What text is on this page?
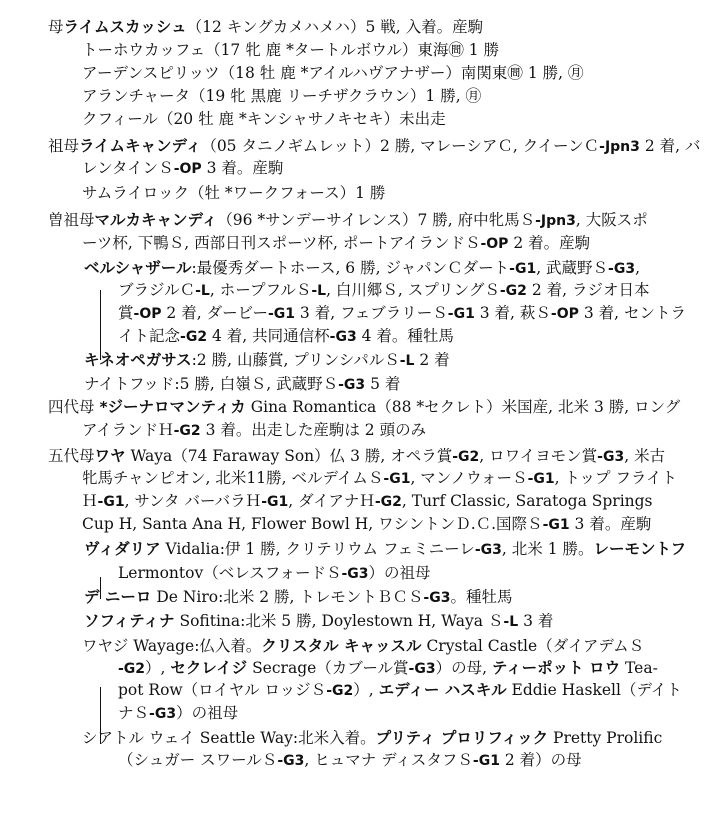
母ライムスカッシュ（12 キングカメハメハ）5 戦, 入着。産駒
トーホウカッフェ（17 牝 鹿 *タートルボウル）東海㉄ 1 勝
アーデンスピリッツ（18 牡 鹿 *アイルハヴアナザー）南関東㉄ 1 勝, ㊊
アランチャータ（19 牝 黒鹿 リーチザクラウン）1 勝, ㊊
クフィール（20 牡 鹿 *キンシャサノキセキ）未出走
祖母ライムキャンディ（05 タニノギムレット）2 勝, マレーシアＣ, クイーンＣ-Jpn3 2 着, バ
レンタインＳ-OP 3 着。産駒
サムライロック（牡 *ワークフォース）1 勝
曽祖母マルカキャンディ（96 *サンデーサイレンス）7 勝, 府中牝馬Ｓ-Jpn3, 大阪スポ
ーツ杯, 下鴨Ｓ, 西部日刊スポーツ杯, ポートアイランドＳ-OP 2 着。産駒
ベルシャザール:最優秀ダートホース, 6 勝, ジャパンＣダート-G1, 武蔵野Ｓ-G3,
ブラジルＣ-L, ホープフルＳ-L, 白川郷Ｓ, スプリングＳ-G2 2 着, ラジオ日本
賞-OP 2 着, ダービー-G1 3 着, フェブラリーＳ-G1 3 着, 萩Ｓ-OP 3 着, セントラ
イト記念-G2 4 着, 共同通信杯-G3 4 着。種牡馬
キネオペガサス:2 勝, 山藤賞, プリンシパルＳ-L 2 着
ナイトフッド:5 勝, 白嶺Ｓ, 武蔵野Ｓ-G3 5 着
四代母 *ジーナロマンティカ Gina Romantica（88 *セクレト）米国産, 北米 3 勝, ロング
アイランドＨ-G2 3 着。出走した産駒は 2 頭のみ
五代母ワヤ Waya（74 Faraway Son）仏 3 勝, オペラ賞-G2, ロワイヨモン賞-G3, 米古
牝馬チャンピオン, 北米11勝, ベルデイムＳ-G1, マンノウォーＳ-G1, トップ フライト
Ｈ-G1, サンタ バーバラＨ-G1, ダイアナＨ-G2, Turf Classic, Saratoga Springs
Cup H, Santa Ana H, Flower Bowl H, ワシントンＤ.Ｃ.国際Ｓ-G1 3 着。産駒
ヴィダリア Vidalia:伊 1 勝, クリテリウム フェミニーレ-G3, 北米 1 勝。レーモントフ
Lermontov（ベレスフォードＳ-G3）の祖母
デ ニーロ De Niro:北米 2 勝, トレモントＢＣＳ-G3。種牡馬
ソフィティナ Sofitina:北米 5 勝, Doylestown H, Waya Ｓ-L 3 着
ワヤジ Wayage:仏入着。クリスタル キャッスル Crystal Castle（ダイアデムＳ
-G2）, セクレイジ Secrage（カブール賞-G3）の母, ティーポット ロウ Tea-
pot Row（ロイヤル ロッジＳ-G2）, エディー ハスキル Eddie Haskell（デイト
ナＳ-G3）の祖母
シアトル ウェイ Seattle Way:北米入着。プリティ プロリフィック Pretty Prolific
（シュガー スワールＳ-G3, ヒュマナ ディスタフＳ-G1 2 着）の母
